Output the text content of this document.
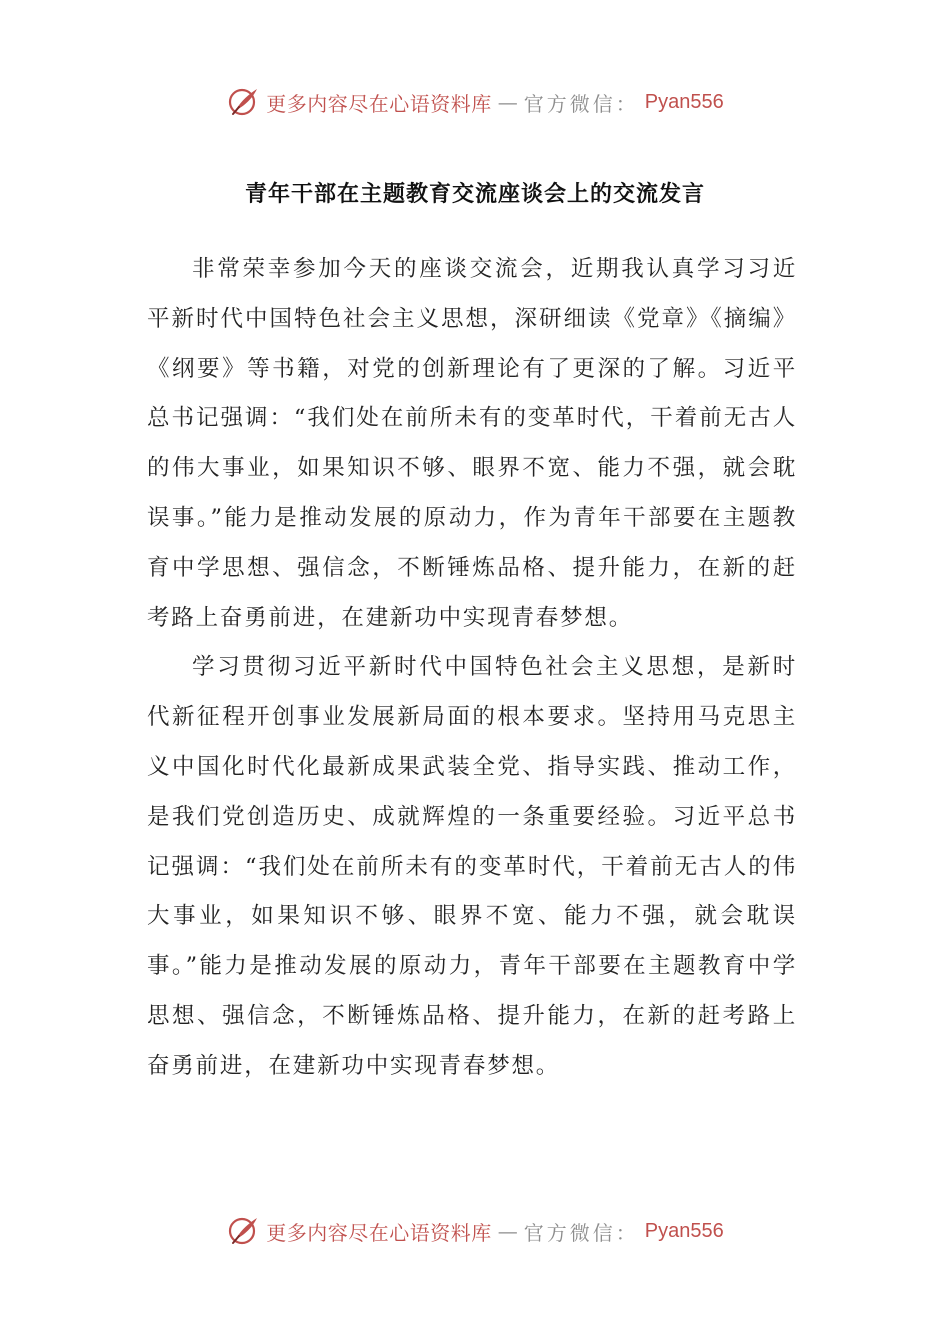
更多内容尽在心语资料库 — 官方微信： Pyan556
青年干部在主题教育交流座谈会上的交流发言

非常荣幸参加今天的座谈交流会，近期我认真学习习近平新时代中国特色社会主义思想，深研细读《党章》《摘编》《纲要》等书籍，对党的创新理论有了更深的了解。习近平总书记强调：“我们处在前所未有的变革时代，干着前无古人的伟大事业，如果知识不够、眼界不宽、能力不强，就会耽误事。”能力是推动发展的原动力，作为青年干部要在主题教育中学思想、强信念，不断锤炼品格、提升能力，在新的赶考路上奋勇前进，在建新功中实现青春梦想。

学习贯彻习近平新时代中国特色社会主义思想，是新时代新征程开创事业发展新局面的根本要求。坚持用马克思主义中国化时代化最新成果武装全党、指导实践、推动工作，是我们党创造历史、成就辉煌的一条重要经验。习近平总书记强调：“我们处在前所未有的变革时代，干着前无古人的伟大事业，如果知识不够、眼界不宽、能力不强，就会耽误事。”能力是推动发展的原动力，青年干部要在主题教育中学思想、强信念，不断锤炼品格、提升能力，在新的赶考路上奋勇前进，在建新功中实现青春梦想。

更多内容尽在心语资料库 — 官方微信： Pyan556
